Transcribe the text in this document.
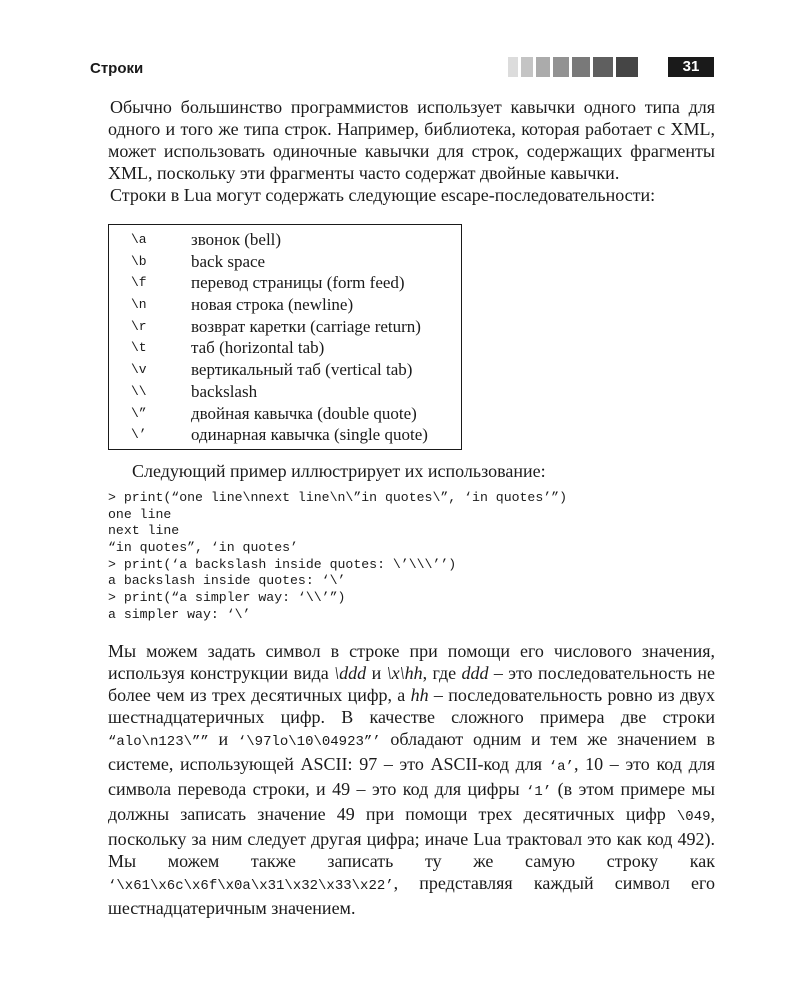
Строки	31

Обычно большинство программистов использует кавычки одного типа для одного и того же типа строк. Например, библиотека, которая работает с XML, может использовать одиночные кавычки для строк, содержащих фрагменты XML, поскольку эти фрагменты часто содержат двойные кавычки.

Строки в Lua могут содержать следующие escape-последовательности:

\a	звонок (bell)
\b	back space
\f	перевод страницы (form feed)
\n	новая строка (newline)
\r	возврат каретки (carriage return)
\t	таб (horizontal tab)
\v	вертикальный таб (vertical tab)
\\	backslash
\”	двойная кавычка (double quote)
\’	одинарная кавычка (single quote)
Следующий пример иллюстрирует их использование:
> print(“one line\nnext line\n\”in quotes\”, ‘in quotes’”)
one line
next line
“in quotes”, ‘in quotes’
> print(‘a backslash inside quotes: \’\\\’’)
a backslash inside quotes: ‘\’
> print(“a simpler way: ‘\\’”)
a simpler way: ‘\’

Мы можем задать символ в строке при помощи его числового значения, используя конструкции вида \ddd и \x\hh, где ddd – это последовательность не более чем из трех десятичных цифр, а hh – последовательность ровно из двух шестнадцатеричных цифр. В качестве сложного примера две строки “alo\n123\”” и ‘\97lo\10\04923”’ обладают одним и тем же значением в системе, использующей ASCII: 97 – это ASCII-код для ‘a’, 10 – это код для символа перевода строки, и 49 – это код для цифры ‘1’ (в этом примере мы должны записать значение 49 при помощи трех десятичных цифр \049, поскольку за ним следует другая цифра; иначе Lua трактовал это как код 492). Мы можем также записать ту же самую строку как ‘\x61\x6c\x6f\x0a\x31\x32\x33\x22’, представляя каждый символ его шестнадцатеричным значением.
